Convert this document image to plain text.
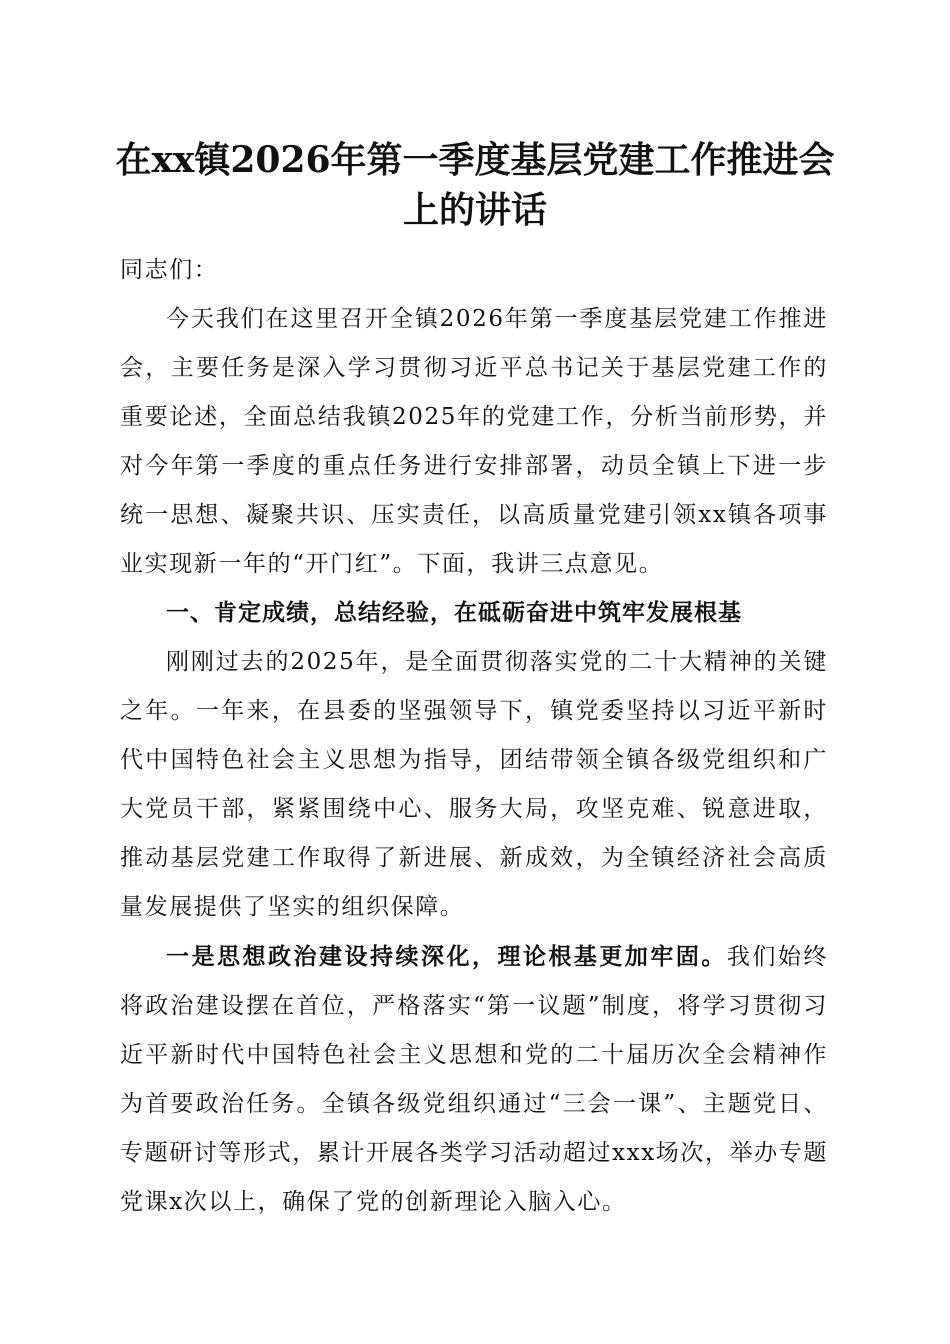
在xx镇2026年第一季度基层党建工作推进会
上的讲话

同志们：

今天我们在这里召开全镇2026年第一季度基层党建工作推进会，主要任务是深入学习贯彻习近平总书记关于基层党建工作的重要论述，全面总结我镇2025年的党建工作，分析当前形势，并对今年第一季度的重点任务进行安排部署，动员全镇上下进一步统一思想、凝聚共识、压实责任，以高质量党建引领xx镇各项事业实现新一年的“开门红”。下面，我讲三点意见。

一、肯定成绩，总结经验，在砥砺奋进中筑牢发展根基

刚刚过去的2025年，是全面贯彻落实党的二十大精神的关键之年。一年来，在县委的坚强领导下，镇党委坚持以习近平新时代中国特色社会主义思想为指导，团结带领全镇各级党组织和广大党员干部，紧紧围绕中心、服务大局，攻坚克难、锐意进取，推动基层党建工作取得了新进展、新成效，为全镇经济社会高质量发展提供了坚实的组织保障。

一是思想政治建设持续深化，理论根基更加牢固。我们始终将政治建设摆在首位，严格落实“第一议题”制度，将学习贯彻习近平新时代中国特色社会主义思想和党的二十届历次全会精神作为首要政治任务。全镇各级党组织通过“三会一课”、主题党日、专题研讨等形式，累计开展各类学习活动超过xxx场次，举办专题党课x次以上，确保了党的创新理论入脑入心。
